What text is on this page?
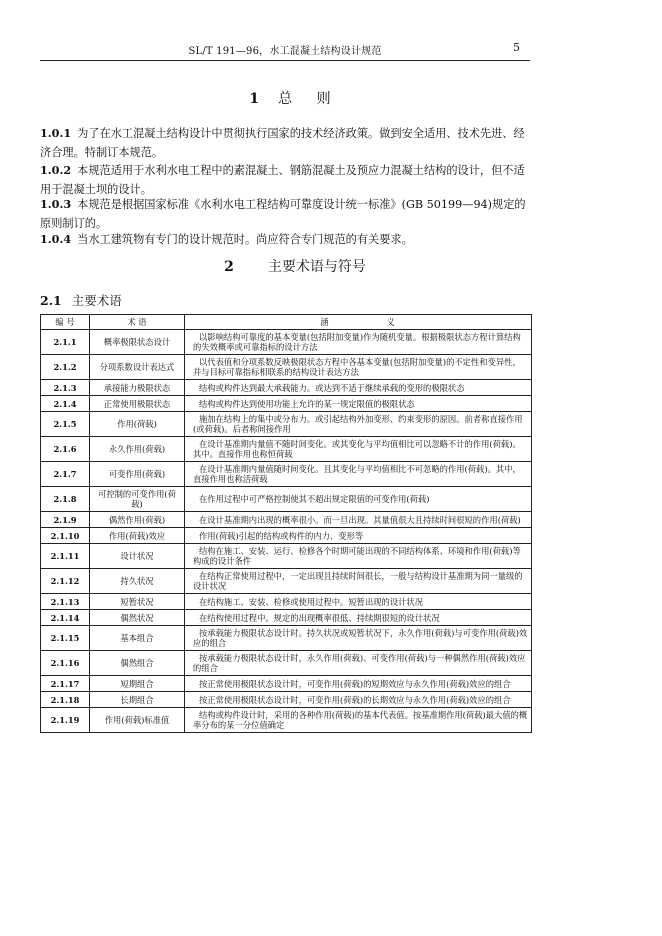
SL/T 191—96，水工混凝土结构设计规范	5
1 总 则

1.0.1 为了在水工混凝土结构设计中贯彻执行国家的技术经济政策。做到安全适用、技术先进、经济合理。特制订本规范。

1.0.2 本规范适用于水利水电工程中的素混凝土、钢筋混凝土及预应力混凝土结构的设计，但不适用于混凝土坝的设计。

1.0.3 本规范是根据国家标准《水利水电工程结构可靠度设计统一标准》(GB 50199—94)规定的原则制订的。

1.0.4 当水工建筑物有专门的设计规范时。尚应符合专门规范的有关要求。

2 主要术语与符号
2.1 主要术语
编 号	术 语	涵义
2.1.1	概率极限状态设计	以影响结构可靠度的基本变量(包括附加变量)作为随机变量。根据极限状态方程计算结构的失效概率或可靠指标的设计方法
2.1.2	分项系数设计表达式	以代表值和分项系数反映极限状态方程中各基本变量(包括附加变量)的不定性和变异性，并与目标可靠指标相联系的结构设计表达方法
2.1.3	承接能力极限状态	结构或构件达到最大承载能力。或达到不适于继续承载的变形的极限状态
2.1.4	正常使用极限状态	结构或构件达到使用功能上允许的某一规定限值的极限状态
2.1.5	作用(荷载)	施加在结构上的集中或分布力。或引起结构外加变形、约束变形的原因。前者称直接作用(或荷载)。后者称间接作用
2.1.6	永久作用(荷载)	在设计基准期内量值不随时间变化。或其变化与平均值相比可以忽略不计的作用(荷载)。其中。直接作用也称恒荷载
2.1.7	可变作用(荷载)	在设计基准期内量值随时间变化。且其变化与平均值相比不可忽略的作用(荷载)。其中，直接作用也称活荷载
2.1.8	可控制的可变作用(荷载)	在作用过程中可严格控制使其不超出规定限值的可变作用(荷载)
2.1.9	偶然作用(荷载)	在设计基准期内出现的概率很小。而一旦出现。其量值很大且持续时间很短的作用(荷载)
2.1.10	作用(荷载)效应	作用(荷载)引起的结构或构件的内力、变形等
2.1.11	设计状况	结构在施工、安装、运行、检修各个时期可能出现的不同结构体系、环境和作用(荷载)等构成的设计条件
2.1.12	持久状况	在结构正常使用过程中，一定出现且持续时间很长，一般与结构设计基准期为同一量级的设计状况
2.1.13	短暂状况	在结构施工、安装、检修或使用过程中。短暂出现的设计状况
2.1.14	偶然状况	在结构使用过程中。规定的出现概率很低、持续期很短的设计状况
2.1.15	基本组合	按承载能力极限状态设计时。持久状况或短暂状况下，永久作用(荷载)与可变作用(荷载)效应的组合
2.1.16	偶然组合	按承载能力极限状态设计时，永久作用(荷载)、可变作用(荷载)与一种偶然作用(荷载)效应的组合
2.1.17	短期组合	按正常使用极限状态设计时，可变作用(荷载)的短期效应与永久作用(荷载)效应的组合
2.1.18	长期组合	按正常使用极限状态设计时，可变作用(荷载)的长期效应与永久作用(荷载)效应的组合
2.1.19	作用(荷载)标准值	结构或构件设计时，采用的各种作用(荷载)的基本代表值。按基准期作用(荷载)最大值的概率分布的某一分位值确定
